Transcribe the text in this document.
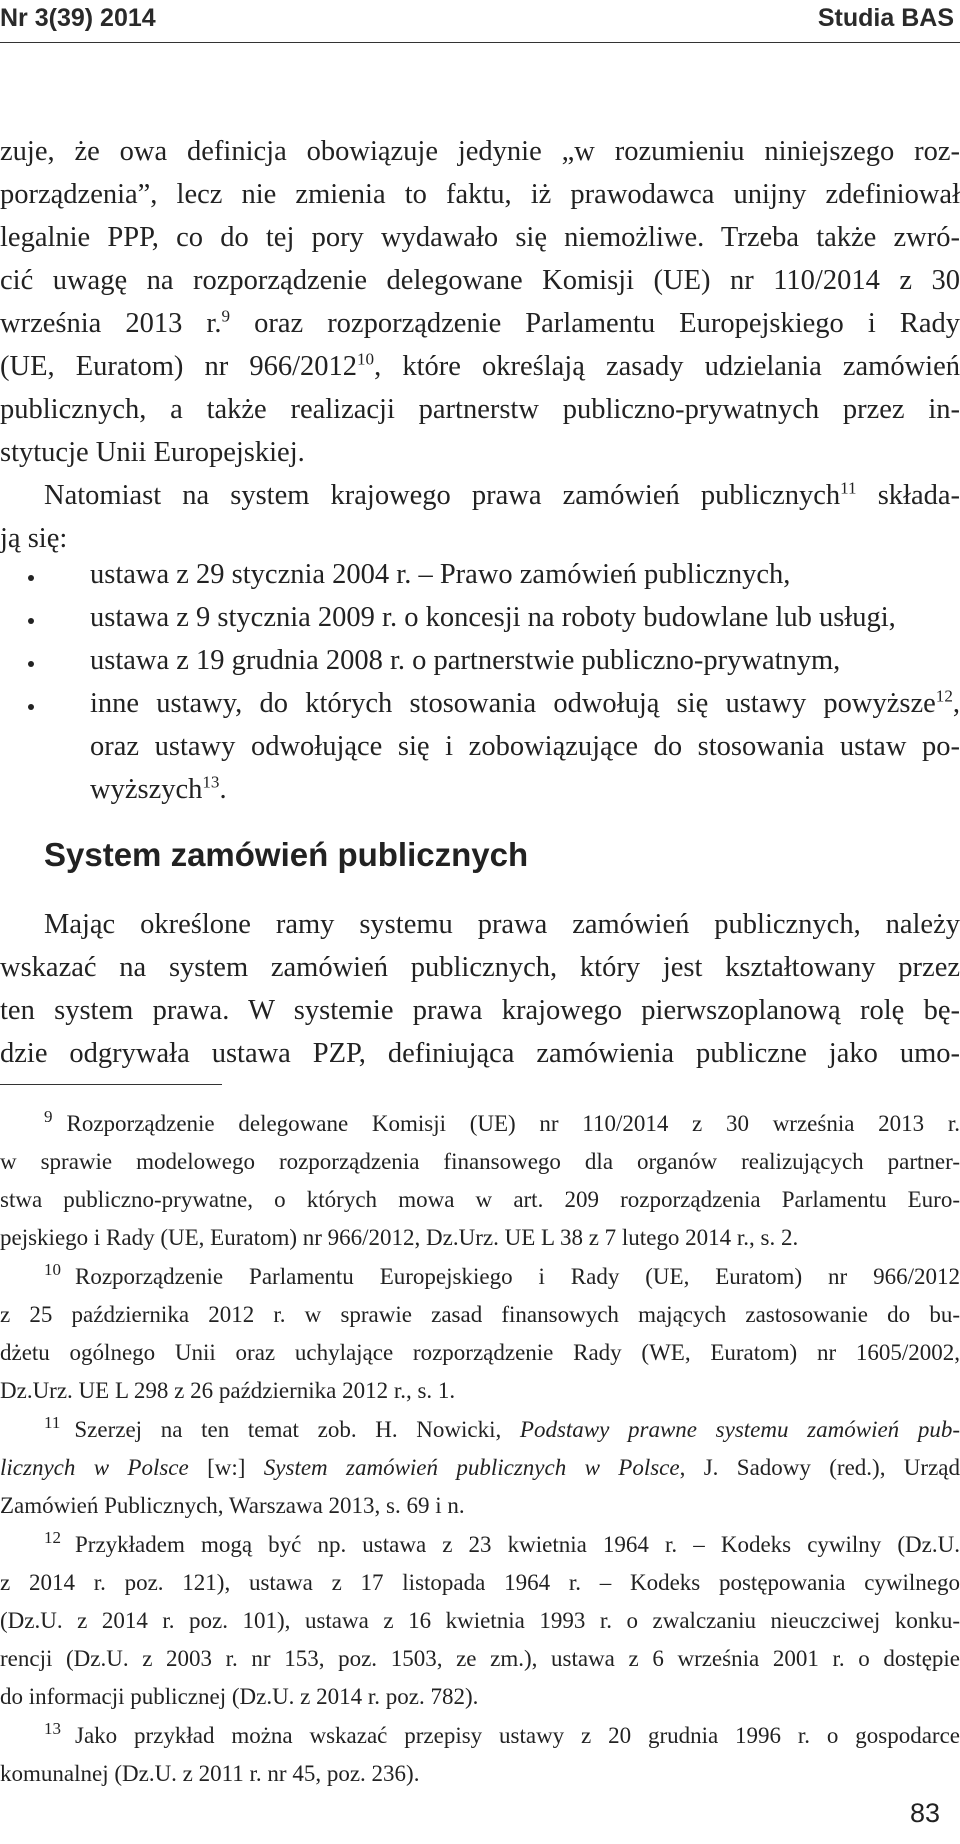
Nr 3(39) 2014	Studia BAS
zuje, że owa definicja obowiązuje jedynie „w rozumieniu niniejszego roz-
porządzenia”, lecz nie zmienia to faktu, iż prawodawca unijny zdefiniował
legalnie PPP, co do tej pory wydawało się niemożliwe. Trzeba także zwró-
cić uwagę na rozporządzenie delegowane Komisji (UE) nr 110/2014 z 30
września 2013 r.$^9$ oraz rozporządzenie Parlamentu Europejskiego i Rady
(UE, Euratom) nr 966/2012$^{10}$, które określają zasady udzielania zamówień
publicznych, a także realizacji partnerstw publiczno-prywatnych przez in-
stytucje Unii Europejskiej.
Natomiast na system krajowego prawa zamówień publicznych$^{11}$ składa-
ją się:
ustawa z 29 stycznia 2004 r. – Prawo zamówień publicznych,
ustawa z 9 stycznia 2009 r. o koncesji na roboty budowlane lub usługi,
ustawa z 19 grudnia 2008 r. o partnerstwie publiczno-prywatnym,
inne ustawy, do których stosowania odwołują się ustawy powyższe$^{12}$,
oraz ustawy odwołujące się i zobowiązujące do stosowania ustaw po-
wyższych$^{13}$.
System zamówień publicznych
Mając określone ramy systemu prawa zamówień publicznych, należy
wskazać na system zamówień publicznych, który jest kształtowany przez
ten system prawa. W systemie prawa krajowego pierwszoplanową rolę bę-
dzie odgrywała ustawa PZP, definiująca zamówienia publiczne jako umo-
9 Rozporządzenie delegowane Komisji (UE) nr 110/2014 z 30 września 2013 r.
w sprawie modelowego rozporządzenia finansowego dla organów realizujących partner-
stwa publiczno-prywatne, o których mowa w art. 209 rozporządzenia Parlamentu Euro-
pejskiego i Rady (UE, Euratom) nr 966/2012, Dz.Urz. UE L 38 z 7 lutego 2014 r., s. 2.
10 Rozporządzenie Parlamentu Europejskiego i Rady (UE, Euratom) nr 966/2012
z 25 października 2012 r. w sprawie zasad finansowych mających zastosowanie do bu-
dżetu ogólnego Unii oraz uchylające rozporządzenie Rady (WE, Euratom) nr 1605/2002,
Dz.Urz. UE L 298 z 26 października 2012 r., s. 1.
11 Szerzej na ten temat zob. H. Nowicki, Podstawy prawne systemu zamówień pub-
licznych w Polsce [w:] System zamówień publicznych w Polsce, J. Sadowy (red.), Urząd
Zamówień Publicznych, Warszawa 2013, s. 69 i n.
12 Przykładem mogą być np. ustawa z 23 kwietnia 1964 r. – Kodeks cywilny (Dz.U.
z 2014 r. poz. 121), ustawa z 17 listopada 1964 r. – Kodeks postępowania cywilnego
(Dz.U. z 2014 r. poz. 101), ustawa z 16 kwietnia 1993 r. o zwalczaniu nieuczciwej konku-
rencji (Dz.U. z 2003 r. nr 153, poz. 1503, ze zm.), ustawa z 6 września 2001 r. o dostępie
do informacji publicznej (Dz.U. z 2014 r. poz. 782).
13 Jako przykład można wskazać przepisy ustawy z 20 grudnia 1996 r. o gospodarce
komunalnej (Dz.U. z 2011 r. nr 45, poz. 236).
83
